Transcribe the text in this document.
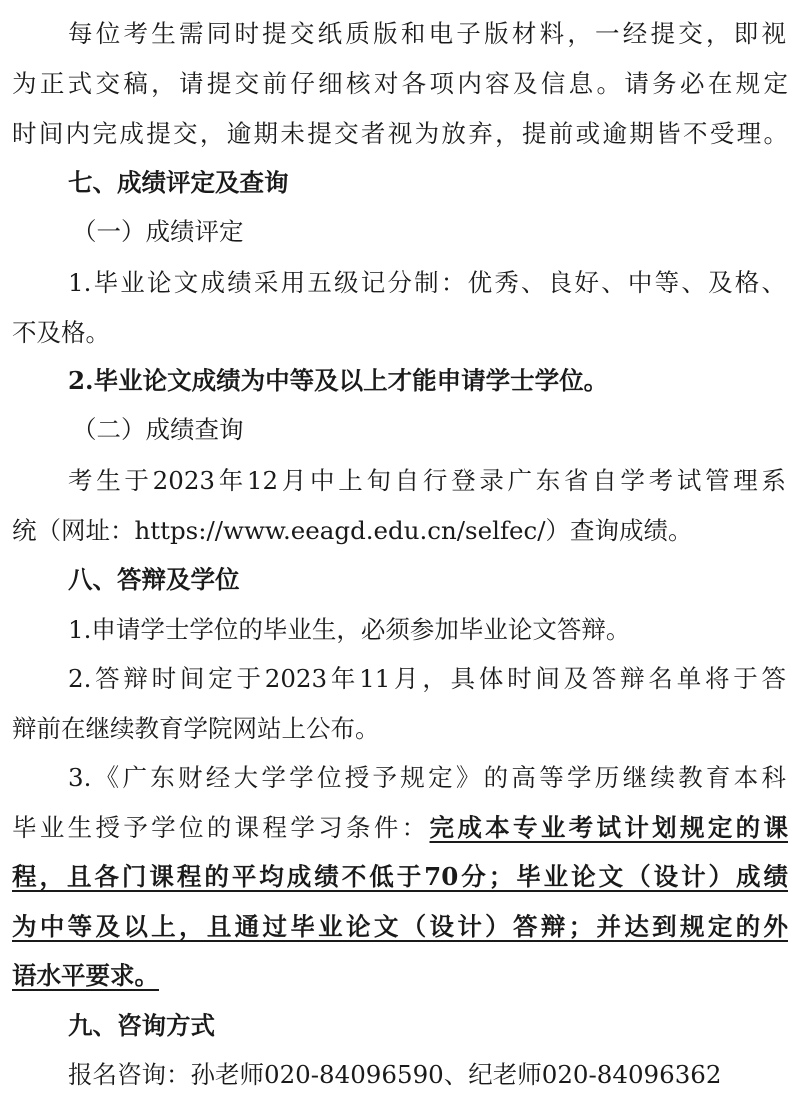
每位考生需同时提交纸质版和电子版材料，一经提交，即视

为正式交稿，请提交前仔细核对各项内容及信息。请务必在规定

时间内完成提交，逾期未提交者视为放弃，提前或逾期皆不受理。

七、成绩评定及查询
（一）成绩评定

1.毕业论文成绩采用五级记分制：优秀、良好、中等、及格、

不及格。

2.毕业论文成绩为中等及以上才能申请学士学位。

（二）成绩查询

考生于2023年12月中上旬自行登录广东省自学考试管理系

统（网址：https://www.eeagd.edu.cn/selfec/）查询成绩。

八、答辩及学位

1.申请学士学位的毕业生，必须参加毕业论文答辩。

2.答辩时间定于2023年11月，具体时间及答辩名单将于答

辩前在继续教育学院网站上公布。

3.《广东财经大学学位授予规定》的高等学历继续教育本科

毕业生授予学位的课程学习条件：完成本专业考试计划规定的课

程，且各门课程的平均成绩不低于70分；毕业论文（设计）成绩

为中等及以上，且通过毕业论文（设计）答辩；并达到规定的外

语水平要求。

九、咨询方式

报名咨询：孙老师020-84096590、纪老师020-84096362
